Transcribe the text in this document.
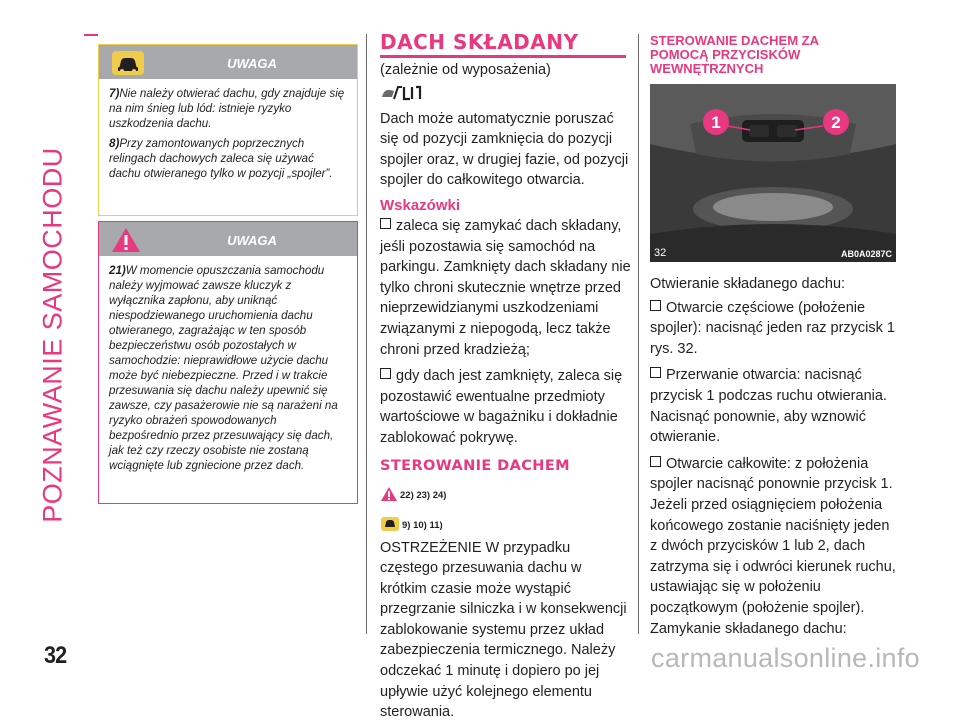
POZNAWANIE SAMOCHODU
UWAGA

7)Nie należy otwierać dachu, gdy znajduje się na nim śnieg lub lód: istnieje ryzyko uszkodzenia dachu.

8)Przy zamontowanych poprzecznych relingach dachowych zaleca się używać dachu otwieranego tylko w pozycji „spojler”.

UWAGA

21)W momencie opuszczania samochodu należy wyjmować zawsze kluczyk z wyłącznika zapłonu, aby uniknąć niespodziewanego uruchomienia dachu otwieranego, zagrażając w ten sposób bezpieczeństwu osób pozostałych w samochodzie: nieprawidłowe użycie dachu może być niebezpieczne. Przed i w trakcie przesuwania się dachu należy upewnić się zawsze, czy pasażerowie nie są narażeni na ryzyko obrażeń spowodowanych bezpośrednio przez przesuwający się dach, jak też czy rzeczy osobiste nie zostaną wciągnięte lub zgniecione przez dach.

DACH SKŁADANY

(zależnie od wyposażenia)

Dach może automatycznie poruszać się od pozycji zamknięcia do pozycji spojler oraz, w drugiej fazie, od pozycji spojler do całkowitego otwarcia.

Wskazówki

zaleca się zamykać dach składany, jeśli pozostawia się samochód na parkingu. Zamknięty dach składany nie tylko chroni skutecznie wnętrze przed nieprzewidzianymi uszkodzeniami związanymi z niepogodą, lecz także chroni przed kradzieżą;

gdy dach jest zamknięty, zaleca się pozostawić ewentualne przedmioty wartościowe w bagażniku i dokładnie zablokować pokrywę.

STEROWANIE DACHEM
22) 23) 24)
9) 10) 11)

OSTRZEŻENIE W przypadku częstego przesuwania dachu w krótkim czasie może wystąpić przegrzanie silniczka i w konsekwencji zablokowanie systemu przez układ zabezpieczenia termicznego. Należy odczekać 1 minutę i dopiero po jej upływie użyć kolejnego elementu sterowania.

STEROWANIE DACHEM ZA
POMOCĄ PRZYCISKÓW
WEWNĘTRZNYCH
1	2
32	AB0A0287C

Otwieranie składanego dachu:

Otwarcie częściowe (położenie spojler): nacisnąć jeden raz przycisk 1 rys. 32.

Przerwanie otwarcia: nacisnąć przycisk 1 podczas ruchu otwierania. Nacisnąć ponownie, aby wznowić otwieranie.

Otwarcie całkowite: z położenia spojler nacisnąć ponownie przycisk 1. Jeżeli przed osiągnięciem położenia końcowego zostanie naciśnięty jeden z dwóch przycisków 1 lub 2, dach zatrzyma się i odwróci kierunek ruchu, ustawiając się w położeniu początkowym (położenie spojler).

Zamykanie składanego dachu:

32	carmanualsonline.info
